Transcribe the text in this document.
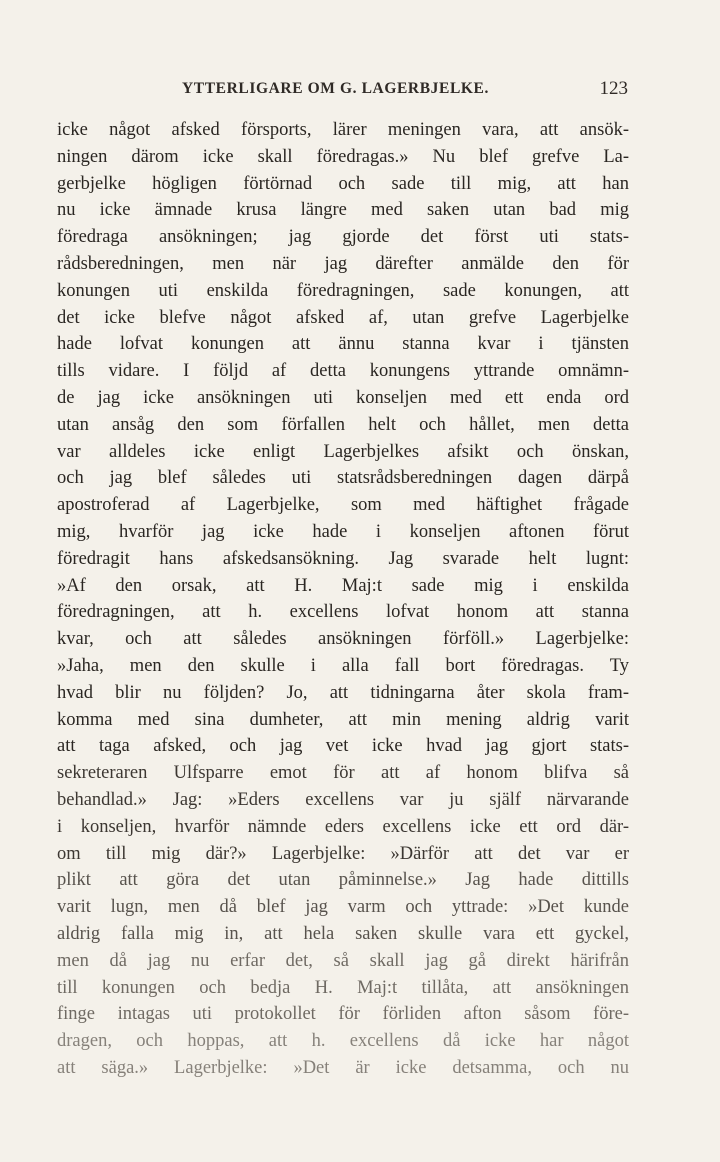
YTTERLIGARE OM G. LAGERBJELKE.	123
icke något afsked försports, lärer meningen vara, att ansök-
ningen därom icke skall föredragas.» Nu blef grefve La-
gerbjelke högligen förtörnad och sade till mig, att han
nu icke ämnade krusa längre med saken utan bad mig
föredraga ansökningen; jag gjorde det först uti stats-
rådsberedningen, men när jag därefter anmälde den för
konungen uti enskilda föredragningen, sade konungen, att
det icke blefve något afsked af, utan grefve Lagerbjelke
hade lofvat konungen att ännu stanna kvar i tjänsten
tills vidare. I följd af detta konungens yttrande omnämn-
de jag icke ansökningen uti konseljen med ett enda ord
utan ansåg den som förfallen helt och hållet, men detta
var alldeles icke enligt Lagerbjelkes afsikt och önskan,
och jag blef således uti statsrådsberedningen dagen därpå
apostroferad af Lagerbjelke, som med häftighet frågade
mig, hvarför jag icke hade i konseljen aftonen förut
föredragit hans afskedsansökning. Jag svarade helt lugnt:
»Af den orsak, att H. Maj:t sade mig i enskilda
föredragningen, att h. excellens lofvat honom att stanna
kvar, och att således ansökningen förföll.» Lagerbjelke:
»Jaha, men den skulle i alla fall bort föredragas. Ty
hvad blir nu följden? Jo, att tidningarna åter skola fram-
komma med sina dumheter, att min mening aldrig varit
att taga afsked, och jag vet icke hvad jag gjort stats-
sekreteraren Ulfsparre emot för att af honom blifva så
behandlad.» Jag: »Eders excellens var ju själf närvarande
i konseljen, hvarför nämnde eders excellens icke ett ord där-
om till mig där?» Lagerbjelke: »Därför att det var er
plikt att göra det utan påminnelse.» Jag hade dittills
varit lugn, men då blef jag varm och yttrade: »Det kunde
aldrig falla mig in, att hela saken skulle vara ett gyckel,
men då jag nu erfar det, så skall jag gå direkt härifrån
till konungen och bedja H. Maj:t tillåta, att ansökningen
finge intagas uti protokollet för förliden afton såsom före-
dragen, och hoppas, att h. excellens då icke har något
att säga.» Lagerbjelke: »Det är icke detsamma, och nu
